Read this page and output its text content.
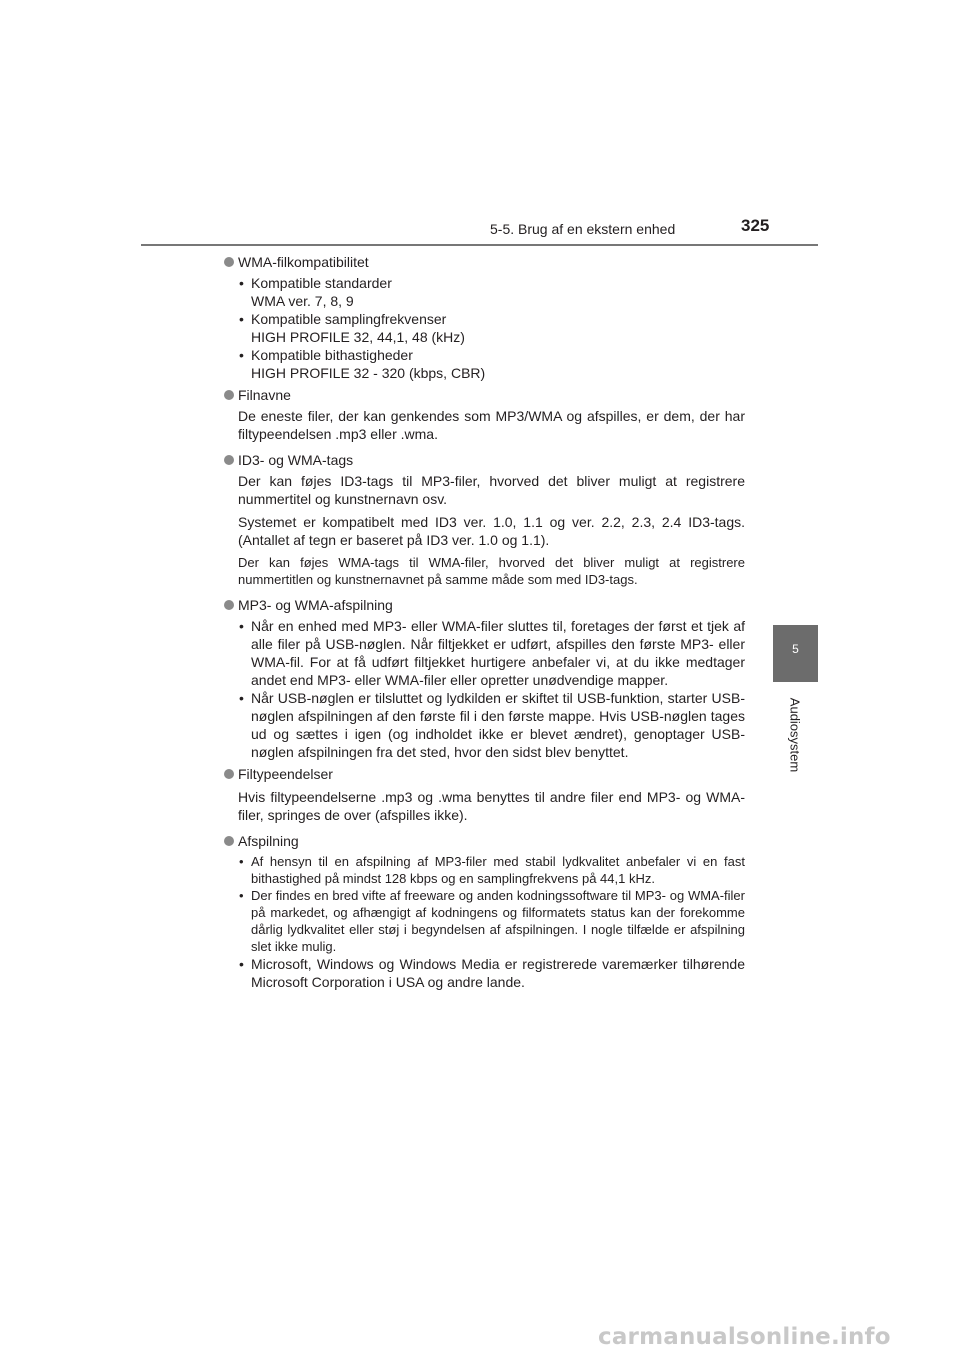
5-5. Brug af en ekstern enhed	325
5
Audiosystem

WMA-filkompatibilitet

• Kompatible standarder
WMA ver. 7, 8, 9
• Kompatible samplingfrekvenser
HIGH PROFILE 32, 44,1, 48 (kHz)
• Kompatible bithastigheder
HIGH PROFILE 32 - 320 (kbps, CBR)

Filnavne

De eneste filer, der kan genkendes som MP3/WMA og afspilles, er dem, der har filtypeendelsen .mp3 eller .wma.

ID3- og WMA-tags

Der kan føjes ID3-tags til MP3-filer, hvorved det bliver muligt at registrere nummertitel og kunstnernavn osv.

Systemet er kompatibelt med ID3 ver. 1.0, 1.1 og ver. 2.2, 2.3, 2.4 ID3-tags. (Antallet af tegn er baseret på ID3 ver. 1.0 og 1.1).

Der kan føjes WMA-tags til WMA-filer, hvorved det bliver muligt at registrere nummertitlen og kunstnernavnet på samme måde som med ID3-tags.

MP3- og WMA-afspilning

• Når en enhed med MP3- eller WMA-filer sluttes til, foretages der først et tjek af alle filer på USB-nøglen. Når filtjekket er udført, afspilles den første MP3- eller WMA-fil. For at få udført filtjekket hurtigere anbefaler vi, at du ikke medtager andet end MP3- eller WMA-filer eller opretter unødvendige mapper.
• Når USB-nøglen er tilsluttet og lydkilden er skiftet til USB-funktion, starter USB-nøglen afspilningen af den første fil i den første mappe. Hvis USB-nøglen tages ud og sættes i igen (og indholdet ikke er blevet ændret), genoptager USB-nøglen afspilningen fra det sted, hvor den sidst blev benyttet.

Filtypeendelser

Hvis filtypeendelserne .mp3 og .wma benyttes til andre filer end MP3- og WMA-filer, springes de over (afspilles ikke).

Afspilning

• Af hensyn til en afspilning af MP3-filer med stabil lydkvalitet anbefaler vi en fast bithastighed på mindst 128 kbps og en samplingfrekvens på 44,1 kHz.
• Der findes en bred vifte af freeware og anden kodningssoftware til MP3- og WMA-filer på markedet, og afhængigt af kodningens og filformatets status kan der forekomme dårlig lydkvalitet eller støj i begyndelsen af afspilningen. I nogle tilfælde er afspilning slet ikke mulig.
• Microsoft, Windows og Windows Media er registrerede varemærker tilhørende Microsoft Corporation i USA og andre lande.
carmanualsonline.info
